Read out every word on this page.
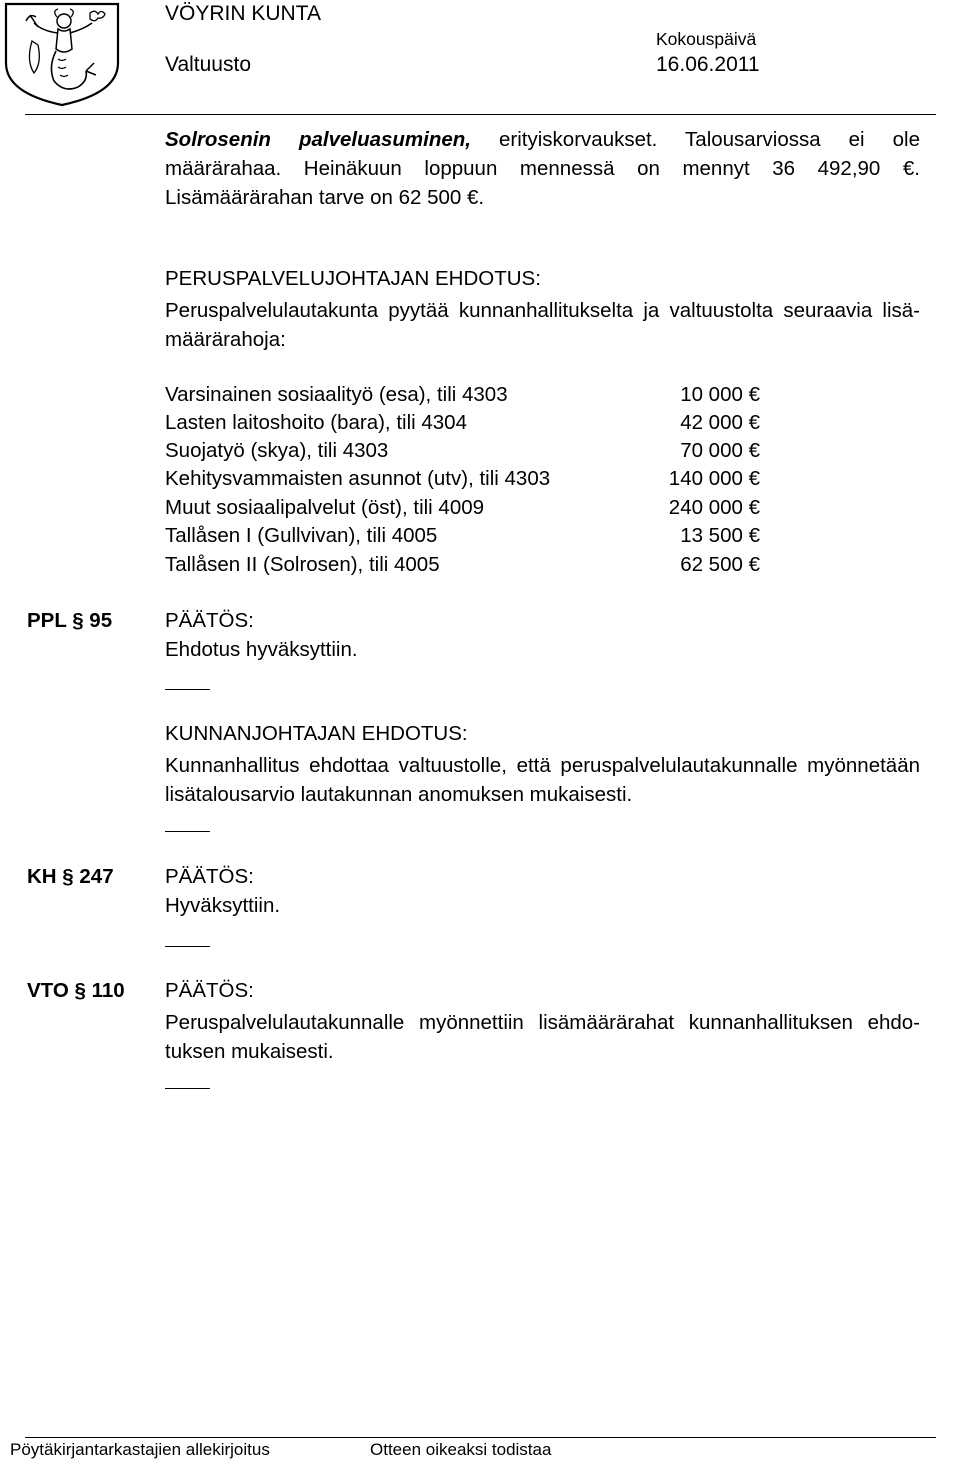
VÖYRIN KUNTA
Valtuusto
Kokouspäivä
16.06.2011
Solrosenin palveluasuminen, erityiskorvaukset. Talousarviossa ei ole määrärahaa. Heinäkuun loppuun mennessä on mennyt 36 492,90 €. Lisämäärärahan tarve on 62 500 €.
PERUSPALVELUJOHTAJAN EHDOTUS:
Peruspalvelulautakunta pyytää kunnanhallitukselta ja valtuustolta seuraavia lisä-määrärahoja:
Varsinainen sosiaalityö (esa), tili 4303	10 000 €
Lasten laitoshoito (bara), tili 4304	42 000 €
Suojatyö (skya), tili 4303	70 000 €
Kehitysvammaisten asunnot (utv), tili 4303	140 000 €
Muut sosiaalipalvelut (öst), tili 4009	240 000 €
Tallåsen I (Gullvivan), tili 4005	13 500 €
Tallåsen II (Solrosen), tili 4005	62 500 €
PPL § 95	PÄÄTÖS:
Ehdotus hyväksyttiin.
KUNNANJOHTAJAN EHDOTUS:
Kunnanhallitus ehdottaa valtuustolle, että peruspalvelulautakunnalle myönnetään lisätalousarvio lautakunnan anomuksen mukaisesti.
KH § 247	PÄÄTÖS:
Hyväksyttiin.
VTO § 110 PÄÄTÖS:
Peruspalvelulautakunnalle myönnettiin lisämäärärahat kunnanhallituksen ehdo-tuksen mukaisesti.
Pöytäkirjantarkastajien allekirjoitus	Otteen oikeaksi todistaa
